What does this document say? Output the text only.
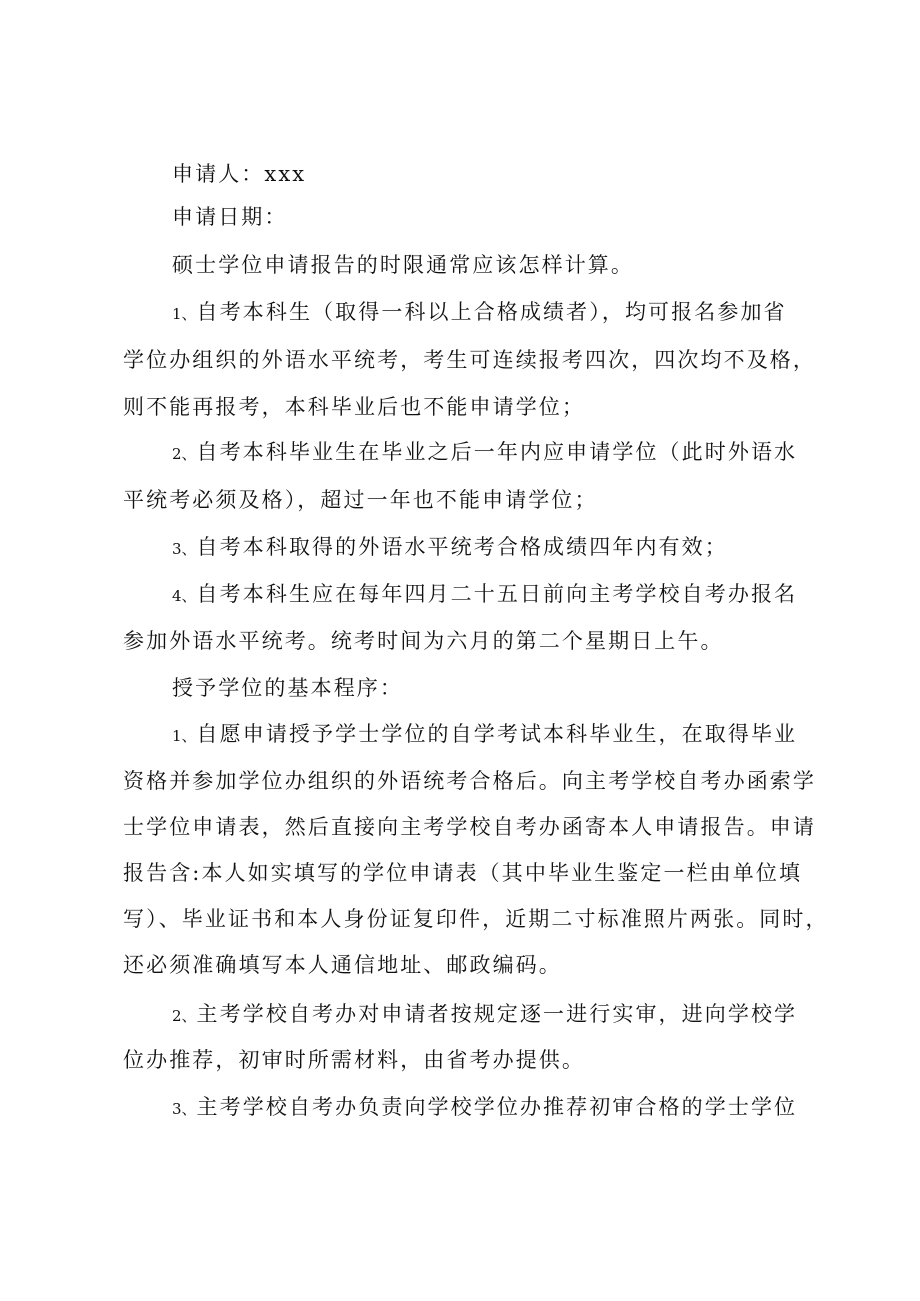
申请人：xxx
申请日期：
硕士学位申请报告的时限通常应该怎样计算。
1、自考本科生（取得一科以上合格成绩者），均可报名参加省
学位办组织的外语水平统考，考生可连续报考四次，四次均不及格，
则不能再报考，本科毕业后也不能申请学位；
2、自考本科毕业生在毕业之后一年内应申请学位（此时外语水
平统考必须及格），超过一年也不能申请学位；
3、自考本科取得的外语水平统考合格成绩四年内有效；
4、自考本科生应在每年四月二十五日前向主考学校自考办报名
参加外语水平统考。统考时间为六月的第二个星期日上午。
授予学位的基本程序：
1、自愿申请授予学士学位的自学考试本科毕业生，在取得毕业
资格并参加学位办组织的外语统考合格后。向主考学校自考办函索学
士学位申请表，然后直接向主考学校自考办函寄本人申请报告。申请
报告含:本人如实填写的学位申请表（其中毕业生鉴定一栏由单位填
写）、毕业证书和本人身份证复印件，近期二寸标准照片两张。同时，
还必须准确填写本人通信地址、邮政编码。
2、主考学校自考办对申请者按规定逐一进行实审，进向学校学
位办推荐，初审时所需材料，由省考办提供。
3、主考学校自考办负责向学校学位办推荐初审合格的学士学位
